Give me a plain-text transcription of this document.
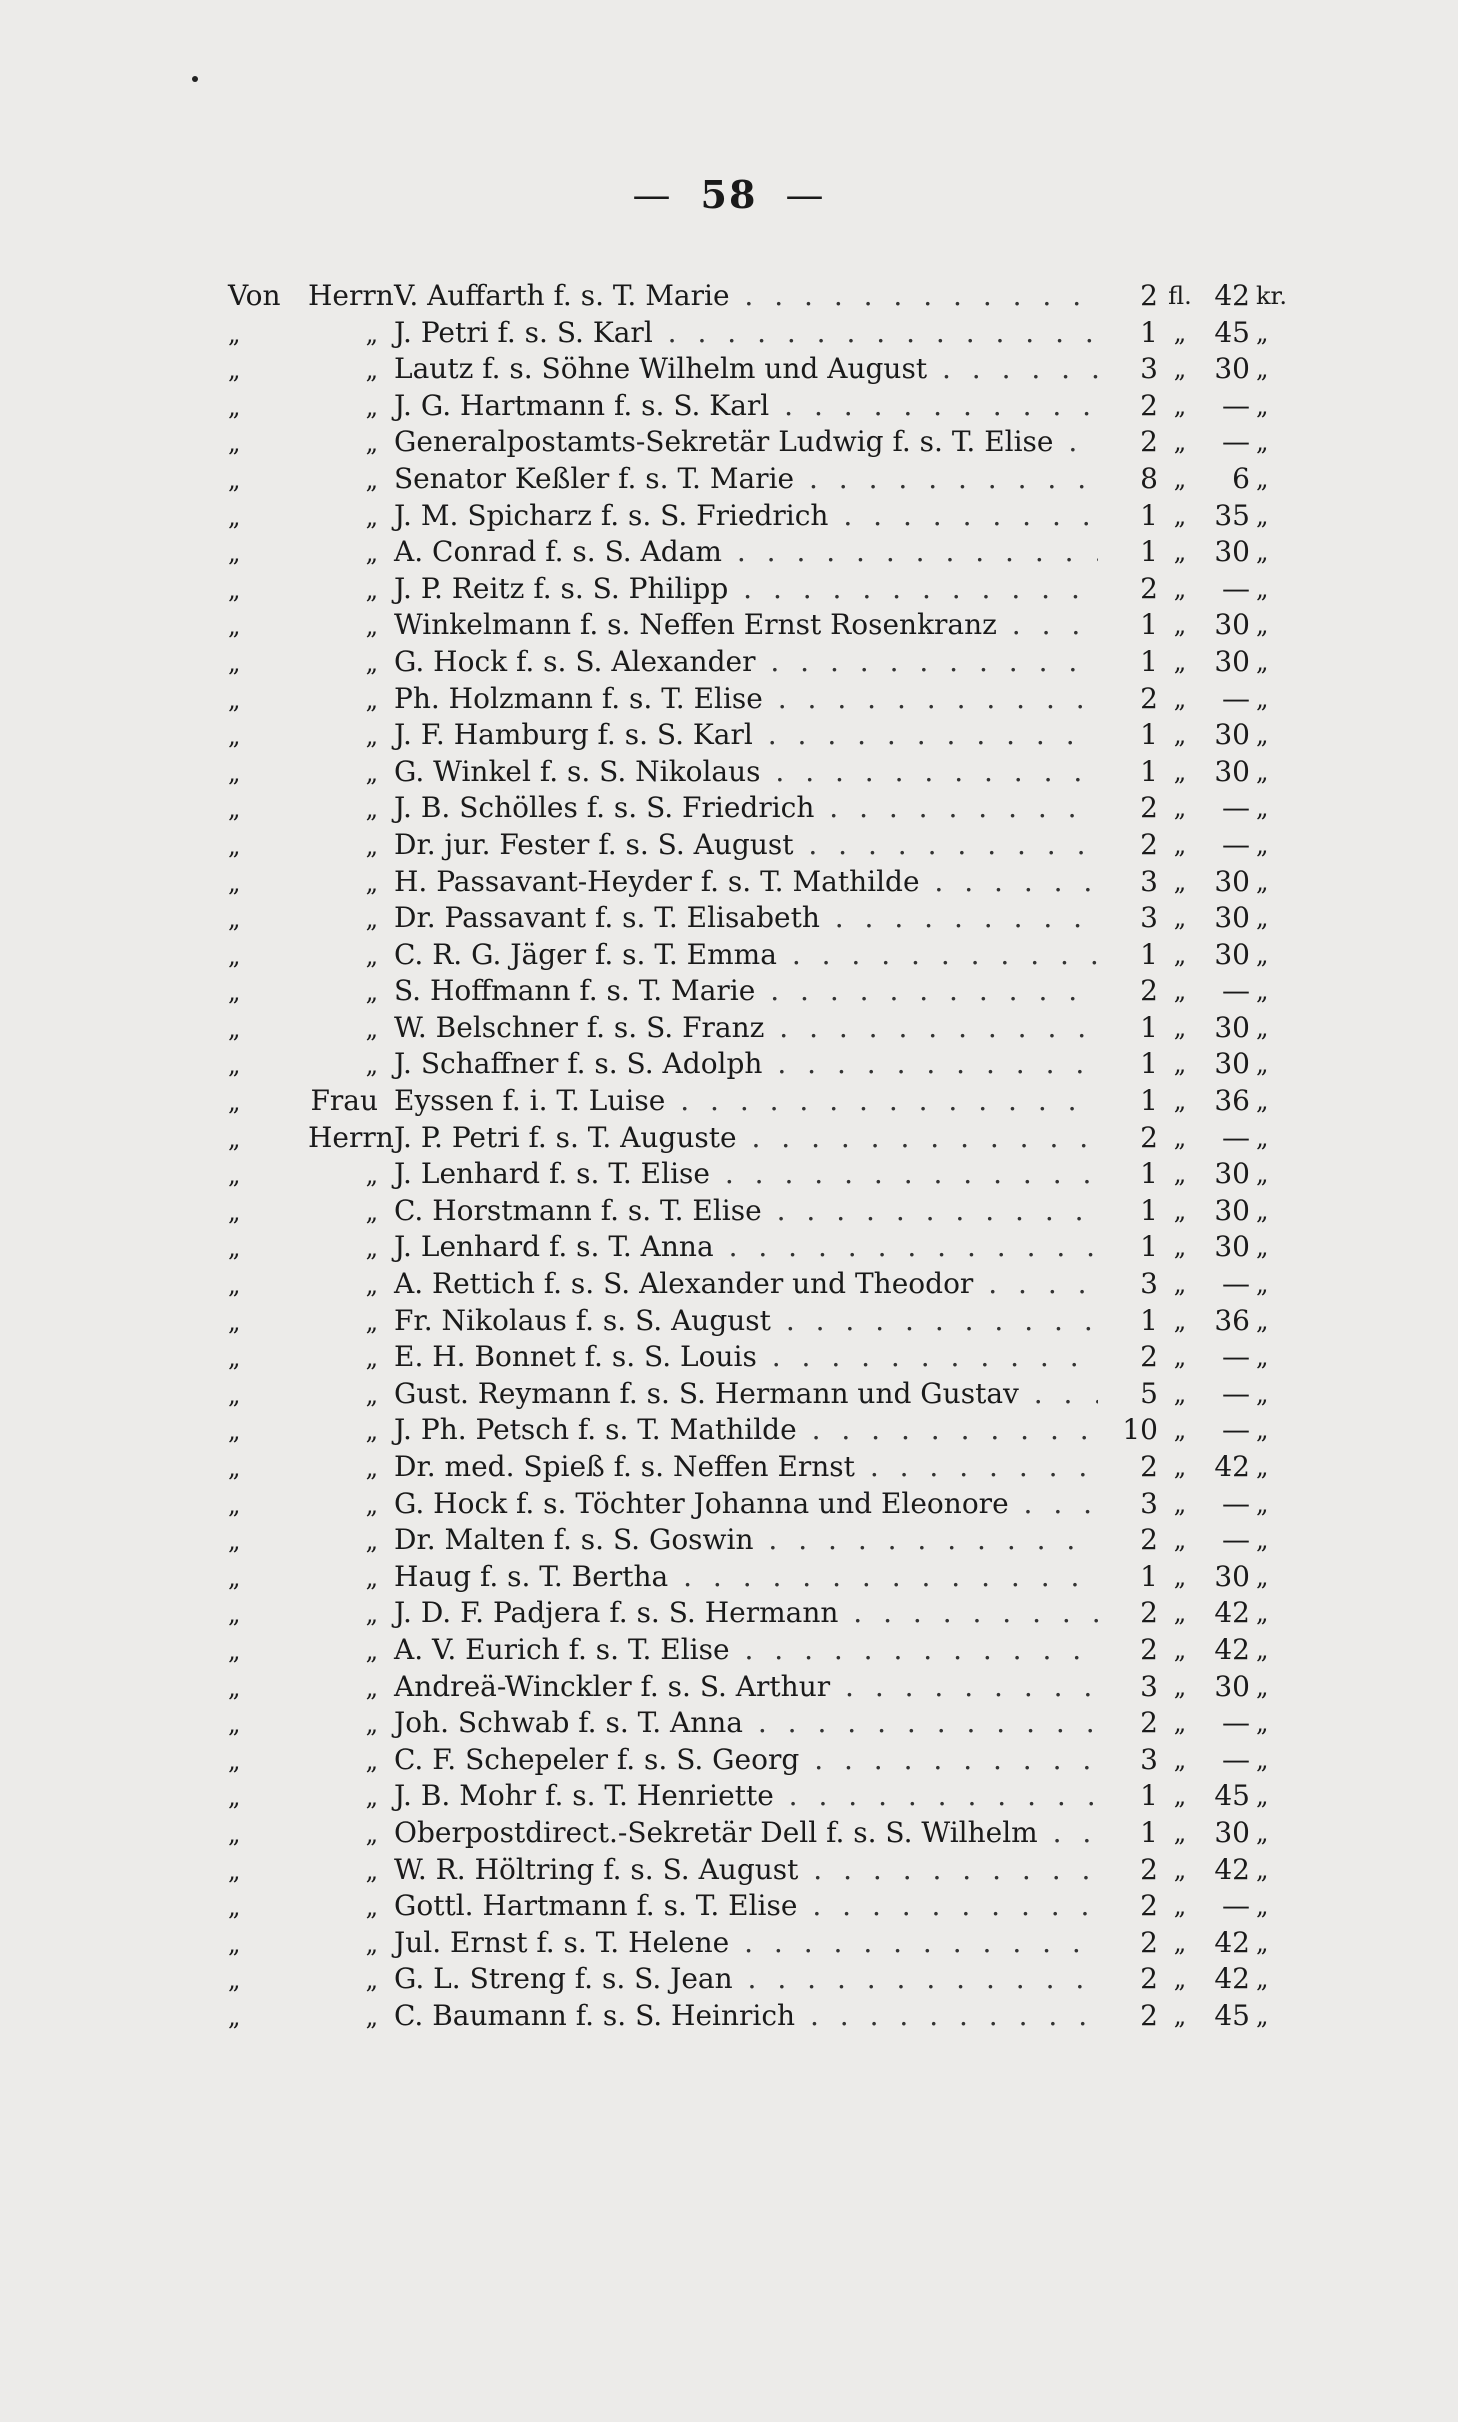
— 58 —
Von Herrn V. Auffarth f. s. T. Marie . . .	2 fl. 42 kr.
„	„ J. Petri f. s. S. Karl . . .	1 „	45 „
„	„ Lautz f. s. Söhne Wilhelm und August . . .	3 „	30 „
„	„ J. G. Hartmann f. s. S. Karl . . .	2 „	— „
„	„ Generalpostamts-Sekretär Ludwig f. s. T. Elise . . .	2 „	— „
„	„ Senator Keßler f. s. T. Marie . . .	8 „	6 „
„	„ J. M. Spicharz f. s. S. Friedrich . . .	1 „	35 „
„	„ A. Conrad f. s. S. Adam . . .	1 „	30 „
„	„ J. P. Reitz f. s. S. Philipp . . .	2 „	— „
„	„ Winkelmann f. s. Neffen Ernst Rosenkranz . . .	1 „	30 „
„	„ G. Hock f. s. S. Alexander . . .	1 „	30 „
„	„ Ph. Holzmann f. s. T. Elise . . .	2 „	— „
„	„ J. F. Hamburg f. s. S. Karl . . .	1 „	30 „
„	„ G. Winkel f. s. S. Nikolaus . . .	1 „	30 „
„	„ J. B. Schölles f. s. S. Friedrich . . .	2 „	— „
„	„ Dr. jur. Fester f. s. S. August . . .	2 „	— „
„	„ H. Passavant-Heyder f. s. T. Mathilde . . .	3 „	30 „
„	„ Dr. Passavant f. s. T. Elisabeth . . .	3 „	30 „
„	„ C. R. G. Jäger f. s. T. Emma . . .	1 „	30 „
„	„ S. Hoffmann f. s. T. Marie . . .	2 „	— „
„	„ W. Belschner f. s. S. Franz . . .	1 „	30 „
„	„ J. Schaffner f. s. S. Adolph . . .	1 „	30 „
„	Frau Eyssen f. i. T. Luise . . .	1 „	36 „
„	Herrn J. P. Petri f. s. T. Auguste . . .	2 „	— „
„	„ J. Lenhard f. s. T. Elise . . .	1 „	30 „
„	„ C. Horstmann f. s. T. Elise . . .	1 „	30 „
„	„ J. Lenhard f. s. T. Anna . . .	1 „	30 „
„	„ A. Rettich f. s. S. Alexander und Theodor . . .	3 „	— „
„	„ Fr. Nikolaus f. s. S. August . . .	1 „	36 „
„	„ E. H. Bonnet f. s. S. Louis . . .	2 „	— „
„	„ Gust. Reymann f. s. S. Hermann und Gustav . . .	5 „	— „
„	„ J. Ph. Petsch f. s. T. Mathilde . . .	10 „	— „
„	„ Dr. med. Spieß f. s. Neffen Ernst . . .	2 „	42 „
„	„ G. Hock f. s. Töchter Johanna und Eleonore . . .	3 „	— „
„	„ Dr. Malten f. s. S. Goswin . . .	2 „	— „
„	„ Haug f. s. T. Bertha . . .	1 „	30 „
„	„ J. D. F. Padjera f. s. S. Hermann . . .	2 „	42 „
„	„ A. V. Eurich f. s. T. Elise . . .	2 „	42 „
„	„ Andreä-Winckler f. s. S. Arthur . . .	3 „	30 „
„	„ Joh. Schwab f. s. T. Anna . . .	2 „	— „
„	„ C. F. Schepeler f. s. S. Georg . . .	3 „	— „
„	„ J. B. Mohr f. s. T. Henriette . . .	1 „	45 „
„	„ Oberpostdirect.-Sekretär Dell f. s. S. Wilhelm . . .	1 „	30 „
„	„ W. R. Höltring f. s. S. August . . .	2 „	42 „
„	„ Gottl. Hartmann f. s. T. Elise . . .	2 „	— „
„	„ Jul. Ernst f. s. T. Helene . . .	2 „	42 „
„	„ G. L. Streng f. s. S. Jean . . .	2 „	42 „
„	„ C. Baumann f. s. S. Heinrich . . .	2 „	45 „
